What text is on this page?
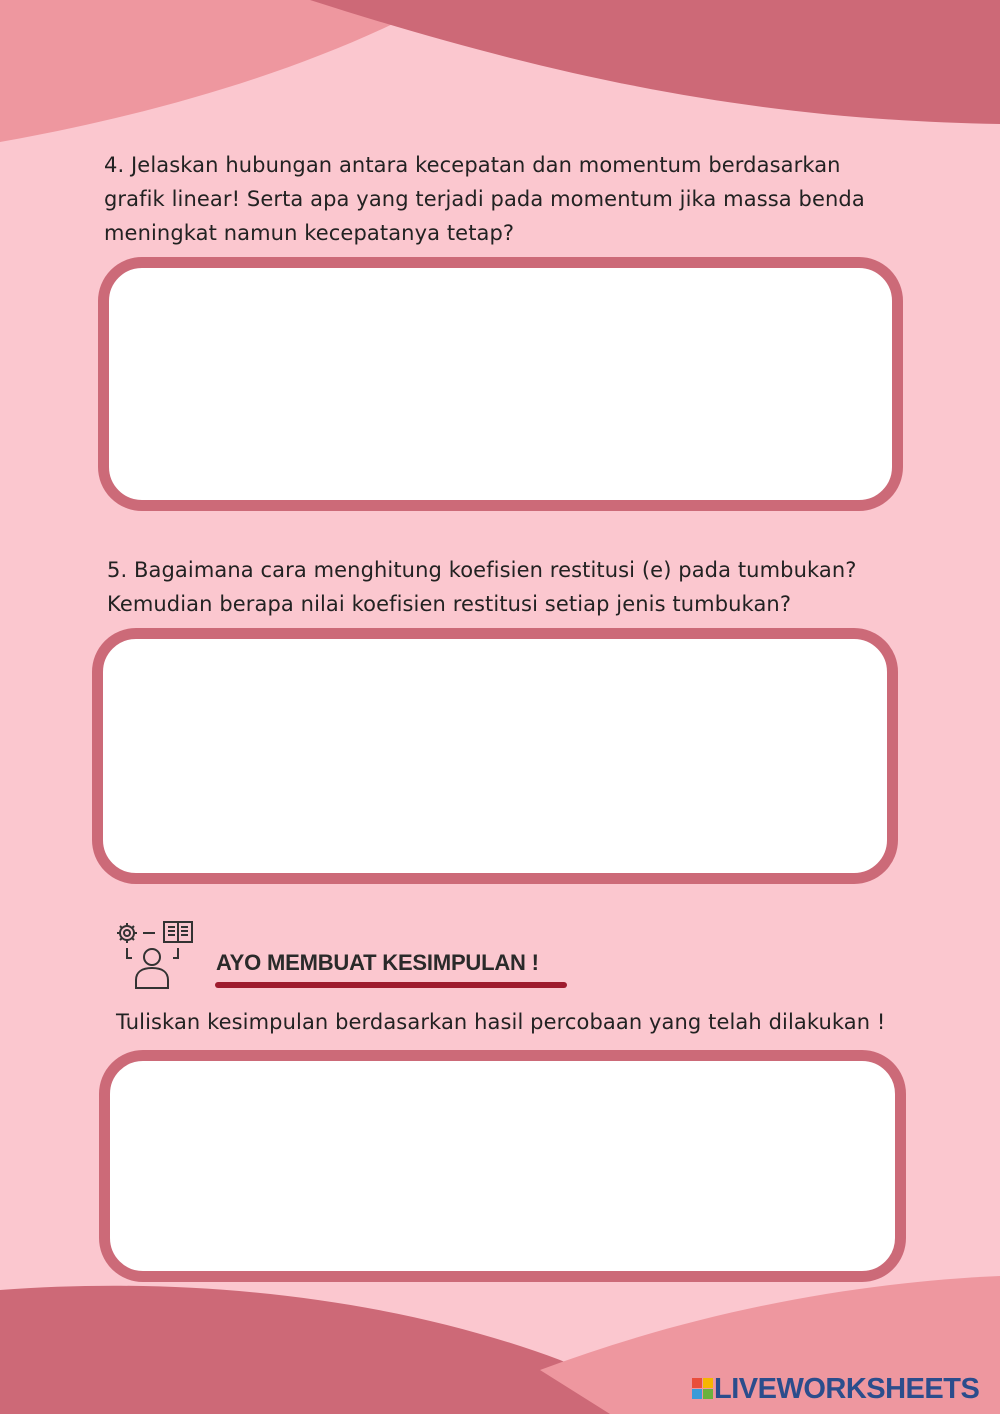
4. Jelaskan hubungan antara kecepatan dan momentum berdasarkan
grafik linear! Serta apa yang terjadi pada momentum jika massa benda
meningkat namun kecepatanya tetap?

5. Bagaimana cara menghitung koefisien restitusi (e) pada tumbukan?
Kemudian berapa nilai koefisien restitusi setiap jenis tumbukan?

AYO MEMBUAT KESIMPULAN !

Tuliskan kesimpulan berdasarkan hasil percobaan yang telah dilakukan !

LIVEWORKSHEETS
